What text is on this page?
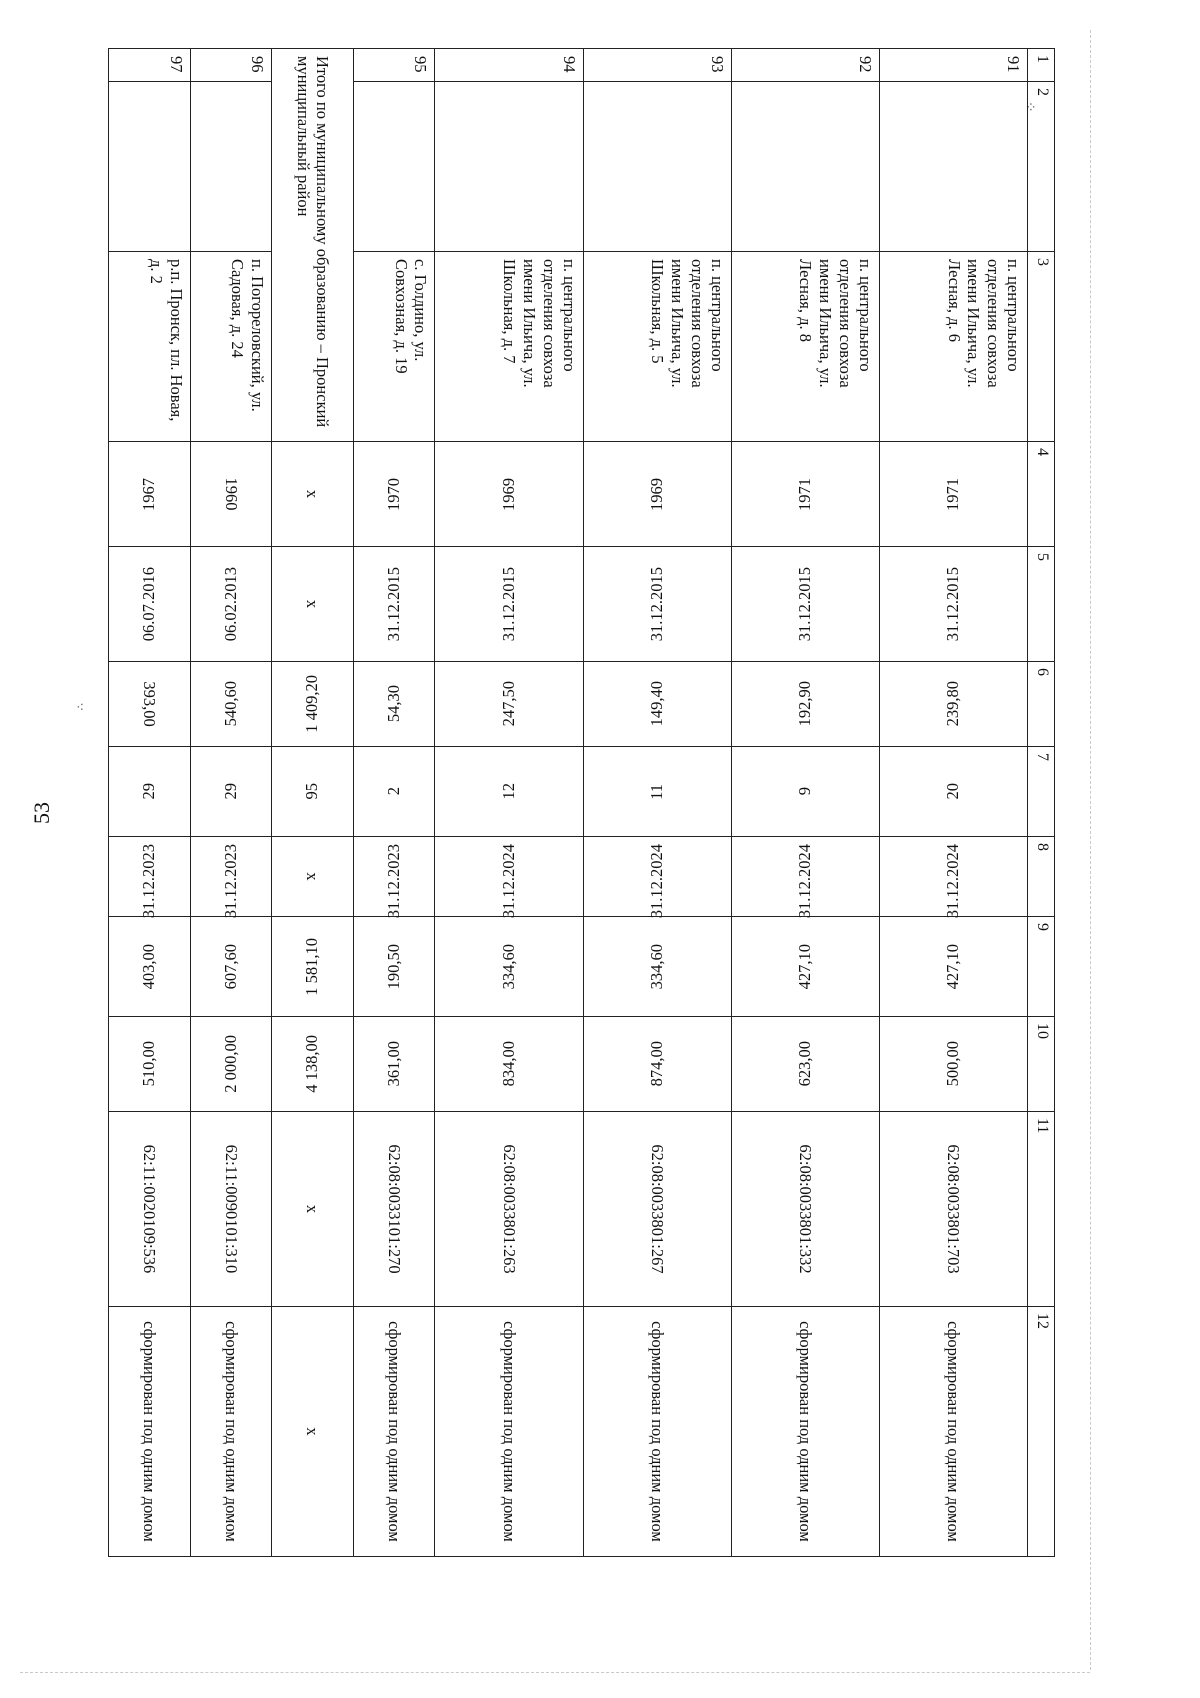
53
⁘
⁖
1	2	3	4	5	6	7	8	9	10	11	12
91		п. центрального отделения совхоза имени Ильича, ул. Лесная, д. 6	1971	31.12.2015	239,80	20	31.12.2024	427,10	500,00	62:08:0033801:703	сформирован под одним домом
92		п. центрального отделения совхоза имени Ильича, ул. Лесная, д. 8	1971	31.12.2015	192,90	9	31.12.2024	427,10	623,00	62:08:0033801:332	сформирован под одним домом
93		п. центрального отделения совхоза имени Ильича, ул. Школьная, д. 5	1969	31.12.2015	149,40	11	31.12.2024	334,60	874,00	62:08:0033801:267	сформирован под одним домом
94		п. центрального отделения совхоза имени Ильича, ул. Школьная, д. 7	1969	31.12.2015	247,50	12	31.12.2024	334,60	834,00	62:08:0033801:263	сформирован под одним домом
95		с. Голдино, ул. Совхозная, д. 19	1970	31.12.2015	54,30	2	31.12.2023	190,50	361,00	62:08:0033101:270	сформирован под одним домом
Итого по муниципальному образованию – Пронский муниципальный район			х	х	1 409,20	95	х	1 581,10	4 138,00	х	х
96		п. Погореловский, ул. Садовая, д. 24	1960	06.02.2013	540,60	29	31.12.2023	607,60	2 000,00	62:11:0090101:310	сформирован под одним домом
97		р.п. Пронск, пл. Новая, д. 2	1967	06.07.2016	393,00	29	31.12.2023	403,00	510,00	62:11:0020109:536	сформирован под одним домом
